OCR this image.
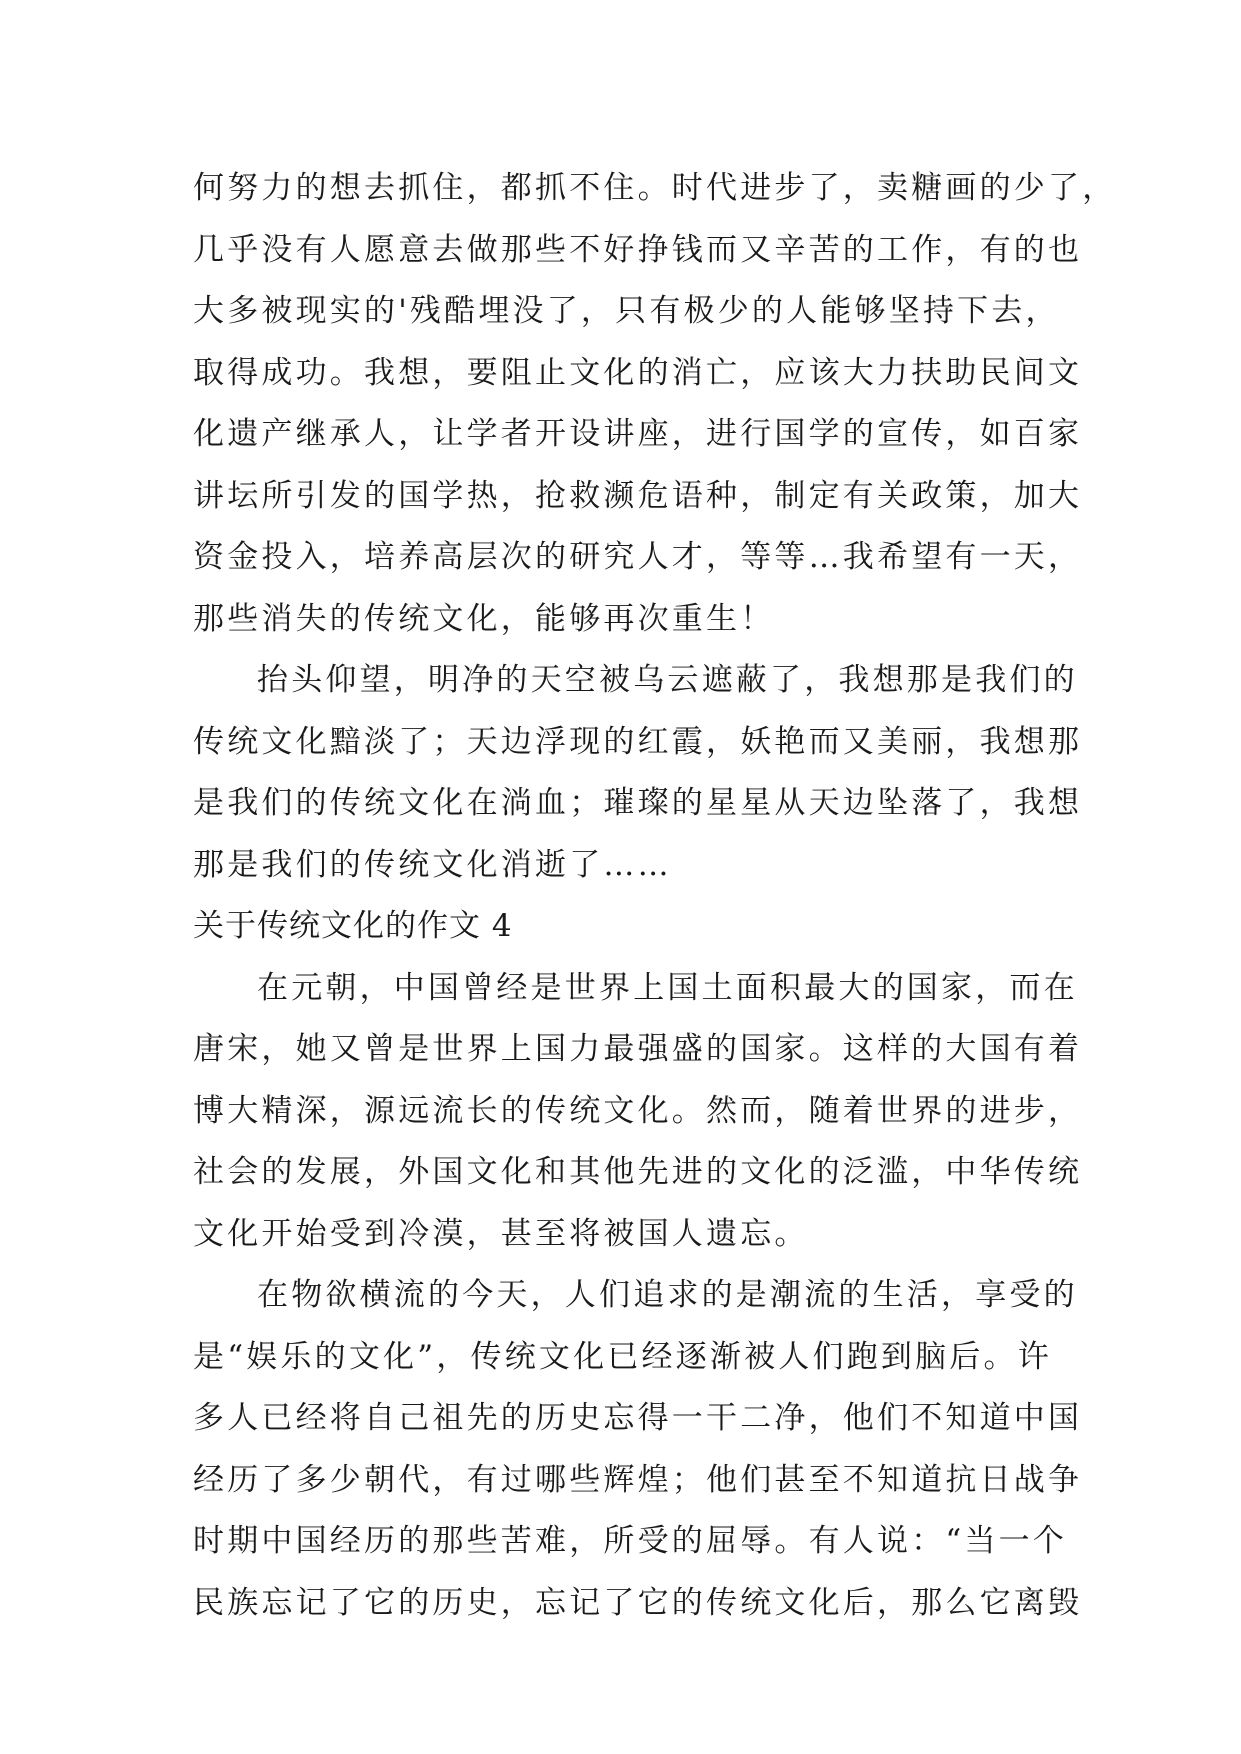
何努力的想去抓住，都抓不住。时代进步了，卖糖画的少了，
几乎没有人愿意去做那些不好挣钱而又辛苦的工作，有的也
大多被现实的'残酷埋没了，只有极少的人能够坚持下去，
取得成功。我想，要阻止文化的消亡，应该大力扶助民间文
化遗产继承人，让学者开设讲座，进行国学的宣传，如百家
讲坛所引发的国学热，抢救濒危语种，制定有关政策，加大
资金投入，培养高层次的研究人才，等等…我希望有一天，
那些消失的传统文化，能够再次重生！
抬头仰望，明净的天空被乌云遮蔽了，我想那是我们的
传统文化黯淡了；天边浮现的红霞，妖艳而又美丽，我想那
是我们的传统文化在淌血；璀璨的星星从天边坠落了，我想
那是我们的传统文化消逝了……
关于传统文化的作文 4
在元朝，中国曾经是世界上国土面积最大的国家，而在
唐宋，她又曾是世界上国力最强盛的国家。这样的大国有着
博大精深，源远流长的传统文化。然而，随着世界的进步，
社会的发展，外国文化和其他先进的文化的泛滥，中华传统
文化开始受到冷漠，甚至将被国人遗忘。
在物欲横流的今天，人们追求的是潮流的生活，享受的
是“娱乐的文化”，传统文化已经逐渐被人们跑到脑后。许
多人已经将自己祖先的历史忘得一干二净，他们不知道中国
经历了多少朝代，有过哪些辉煌；他们甚至不知道抗日战争
时期中国经历的那些苦难，所受的屈辱。有人说：“当一个
民族忘记了它的历史，忘记了它的传统文化后，那么它离毁
